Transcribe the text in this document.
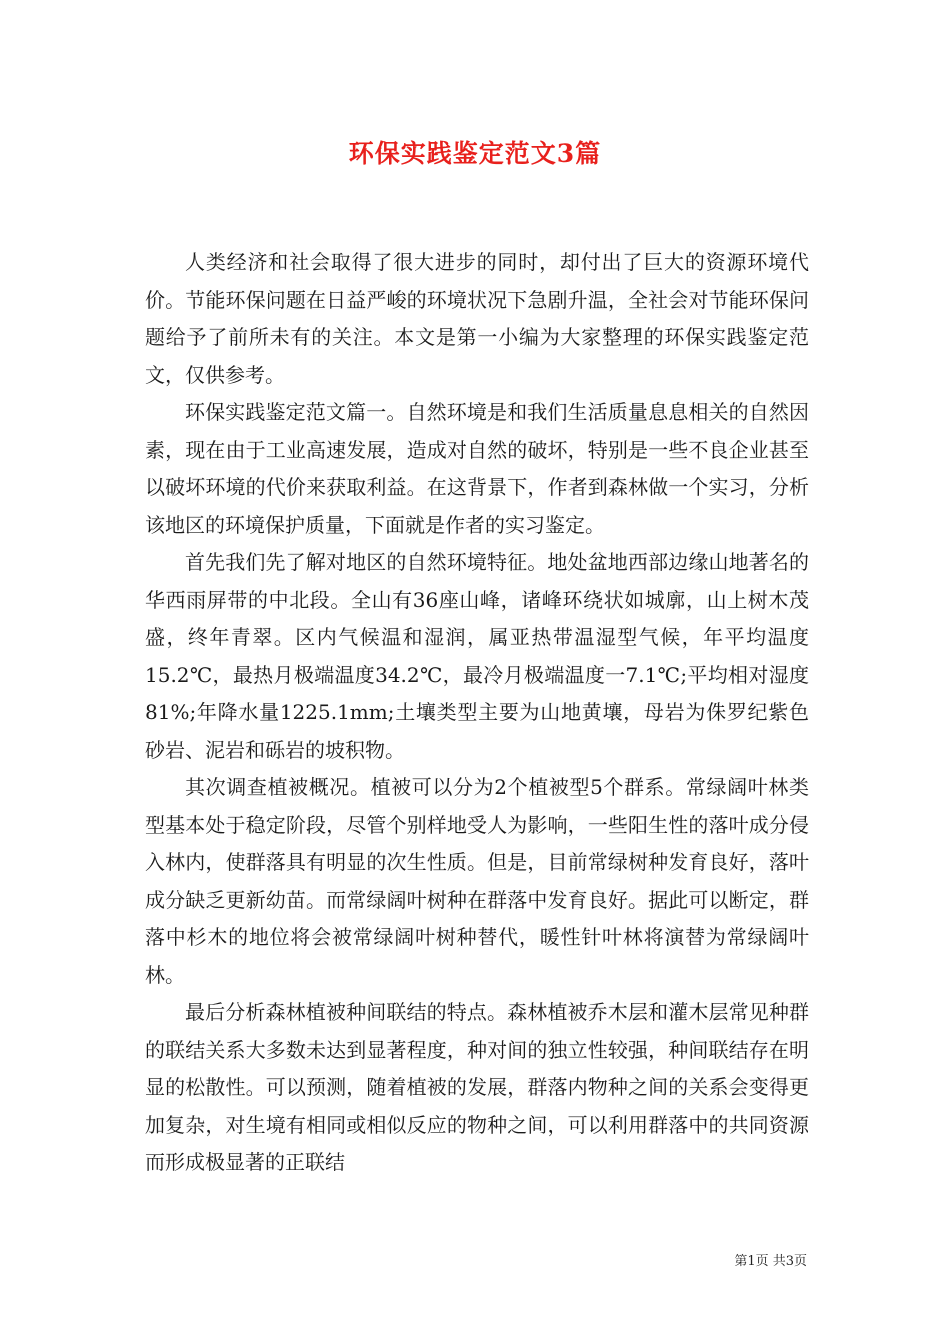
环保实践鉴定范文3篇

人类经济和社会取得了很大进步的同时，却付出了巨大的资源环境代价。节能环保问题在日益严峻的环境状况下急剧升温，全社会对节能环保问题给予了前所未有的关注。本文是第一小编为大家整理的环保实践鉴定范文，仅供参考。

环保实践鉴定范文篇一。自然环境是和我们生活质量息息相关的自然因素，现在由于工业高速发展，造成对自然的破坏，特别是一些不良企业甚至以破坏环境的代价来获取利益。在这背景下，作者到森林做一个实习，分析该地区的环境保护质量，下面就是作者的实习鉴定。

首先我们先了解对地区的自然环境特征。地处盆地西部边缘山地著名的华西雨屏带的中北段。全山有36座山峰，诸峰环绕状如城廓，山上树木茂盛，终年青翠。区内气候温和湿润，属亚热带温湿型气候，年平均温度15.2℃，最热月极端温度34.2℃，最冷月极端温度一7.1℃;平均相对湿度81%;年降水量1225.1mm;土壤类型主要为山地黄壤，母岩为侏罗纪紫色砂岩、泥岩和砾岩的坡积物。

其次调查植被概况。植被可以分为2个植被型5个群系。常绿阔叶林类型基本处于稳定阶段，尽管个别样地受人为影响，一些阳生性的落叶成分侵入林内，使群落具有明显的次生性质。但是，目前常绿树种发育良好，落叶成分缺乏更新幼苗。而常绿阔叶树种在群落中发育良好。据此可以断定，群落中杉木的地位将会被常绿阔叶树种替代，暖性针叶林将演替为常绿阔叶林。

最后分析森林植被种间联结的特点。森林植被乔木层和灌木层常见种群的联结关系大多数未达到显著程度，种对间的独立性较强，种间联结存在明显的松散性。可以预测，随着植被的发展，群落内物种之间的关系会变得更加复杂，对生境有相同或相似反应的物种之间，可以利用群落中的共同资源而形成极显著的正联结

第1页 共3页
